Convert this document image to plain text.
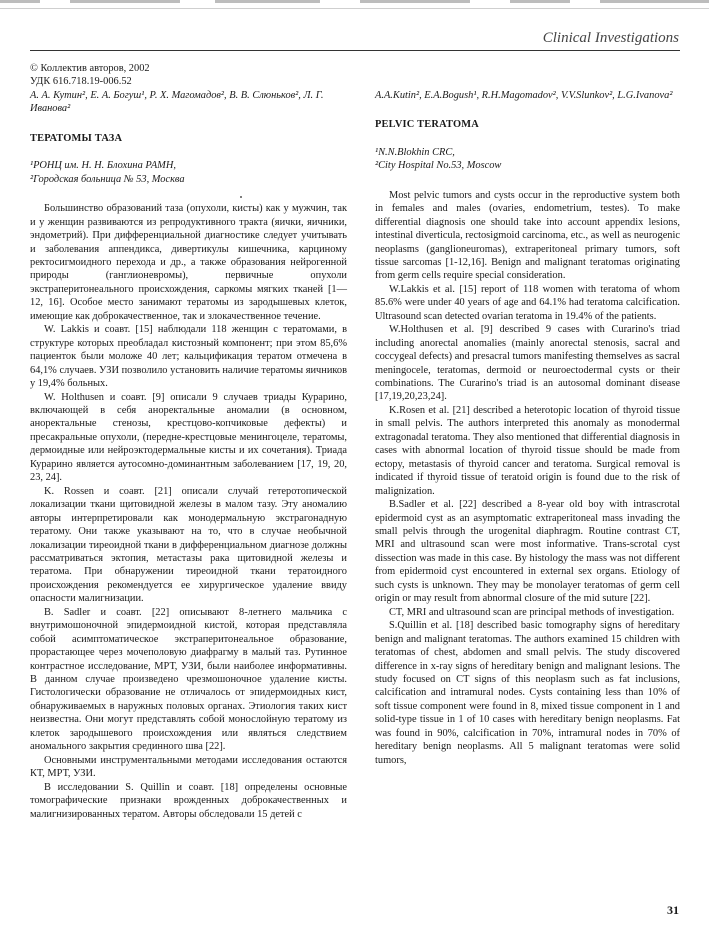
Clinical Investigations
© Коллектив авторов, 2002
УДК 616.718.19-006.52

А. А. Кутин², Е. А. Богуш¹, Р. Х. Магомадов², В. В. Слюньков², Л. Г. Иванова²

ТЕРАТОМЫ ТАЗА
¹РОНЦ им. Н. Н. Блохина РАМН,
²Городская больница № 53, Москва

Большинство образований таза (опухоли, кисты) как у мужчин, так и у женщин развиваются из репродуктивного тракта (яички, яичники, эндометрий). При дифференциальной диагностике следует учитывать и заболевания аппендикса, дивертикулы кишечника, карциному ректосигмоидного перехода и др., а также образования нейрогенной природы (ганглионевромы), первичные опухоли экстраперитонеального происхождения, саркомы мягких тканей [1—12, 16]. Особое место занимают тератомы из зародышевых клеток, имеющие как доброкачественное, так и злокачественное течение.

W. Lakkis и соавт. [15] наблюдали 118 женщин с тератомами, в структуре которых преобладал кистозный компонент; при этом 85,6% пациенток были моложе 40 лет; кальцификация тератом отмечена в 64,1% случаев. УЗИ позволило установить наличие тератомы яичников у 19,4% больных.

W. Holthusen и соавт. [9] описали 9 случаев триады Курарино, включающей в себя аноректальные аномалии (в основном, аноректальные стенозы, крестцово-копчиковые дефекты) и пресакральные опухоли, (передне-крестцовые менингоцеле, тератомы, дермоидные или нейроэктодермальные кисты и их сочетания). Триада Курарино является аутосомно-доминантным заболеванием [17, 19, 20, 23, 24].

K. Rossen и соавт. [21] описали случай гетеротопической локализации ткани щитовидной железы в малом тазу. Эту аномалию авторы интерпретировали как монодермальную экстрагонадную тератому. Они также указывают на то, что в случае необычной локализации тиреоидной ткани в дифференциальном диагнозе должны рассматриваться эктопия, метастазы рака щитовидной железы и тератома. При обнаружении тиреоидной ткани тератоидного происхождения рекомендуется ее хирургическое удаление ввиду опасности малигнизации.

B. Sadler и соавт. [22] описывают 8-летнего мальчика с внутримошоночной эпидермоидной кистой, которая представляла собой асимптоматическое экстраперитонеальное образование, прорастающее через мочеполовую диафрагму в малый таз. Рутинное контрастное исследование, МРТ, УЗИ, были наиболее информативны. В данном случае произведено чрезмошоночное удаление кисты. Гистологически образование не отличалось от эпидермоидных кист, обнаруживаемых в наружных половых органах. Этиология таких кист неизвестна. Они могут представлять собой монослойную тератому из клеток зародышевого происхождения или являться следствием аномального закрытия срединного шва [22].

Основными инструментальными методами исследования остаются КТ, МРТ, УЗИ.

В исследовании S. Quillin и соавт. [18] определены основные томографические признаки врожденных доброкачественных и малигнизированных тератом. Авторы обследовали 15 детей с

A.A.Kutin², E.A.Bogush¹, R.H.Magomadov², V.V.Slunkov², L.G.Ivanova²

PELVIC TERATOMA
¹N.N.Blokhin CRC,
²City Hospital No.53, Moscow

Most pelvic tumors and cysts occur in the reproductive system both in females and males (ovaries, endometrium, testes). To make differential diagnosis one should take into account appendix lesions, intestinal diverticula, rectosigmoid carcinoma, etc., as well as neurogenic neoplasms (ganglioneuromas), extraperitoneal primary tumors, soft tissue sarcomas [1-12,16]. Benign and malignant teratomas originating from germ cells require special consideration.

W.Lakkis et al. [15] report of 118 women with teratoma of whom 85.6% were under 40 years of age and 64.1% had teratoma calcification. Ultrasound scan detected ovarian teratoma in 19.4% of the patients.

W.Holthusen et al. [9] described 9 cases with Curarino's triad including anorectal anomalies (mainly anorectal stenosis, sacral and coccygeal defects) and presacral tumors manifesting themselves as sacral meningocele, teratomas, dermoid or neuroectodermal cysts or their combinations. The Curarino's triad is an autosomal dominant disease [17,19,20,23,24].

K.Rosen et al. [21] described a heterotopic location of thyroid tissue in small pelvis. The authors interpreted this anomaly as monodermal extragonadal teratoma. They also mentioned that differential diagnosis in cases with abnormal location of thyroid tissue should be made from ectopy, metastasis of thyroid cancer and teratoma. Surgical removal is indicated if thyroid tissue of teratoid origin is found due to the risk of malignization.

B.Sadler et al. [22] described a 8-year old boy with intrascrotal epidermoid cyst as an asymptomatic extraperitoneal mass invading the small pelvis through the urogenital diaphragm. Routine contrast CT, MRI and ultrasound scan were most informative. Trans-scrotal cyst dissection was made in this case. By histology the mass was not different from epidermoid cyst encountered in external sex organs. Etiology of such cysts is unknown. They may be monolayer teratomas of germ cell origin or may result from abnormal closure of the mid suture [22].

CT, MRI and ultrasound scan are principal methods of investigation.

S.Quillin et al. [18] described basic tomography signs of hereditary benign and malignant teratomas. The authors examined 15 children with teratomas of chest, abdomen and small pelvis. The study discovered difference in x-ray signs of hereditary benign and malignant lesions. The study focused on CT signs of this neoplasm such as fat inclusions, calcification and intramural nodes. Cysts containing less than 10% of soft tissue component were found in 8, mixed tissue component in 1 and solid-type tissue in 1 of 10 cases with hereditary benign neoplasms. Fat was found in 90%, calcification in 70%, intramural nodes in 70% of hereditary benign neoplasms. All 5 malignant teratomas were solid tumors,

31
